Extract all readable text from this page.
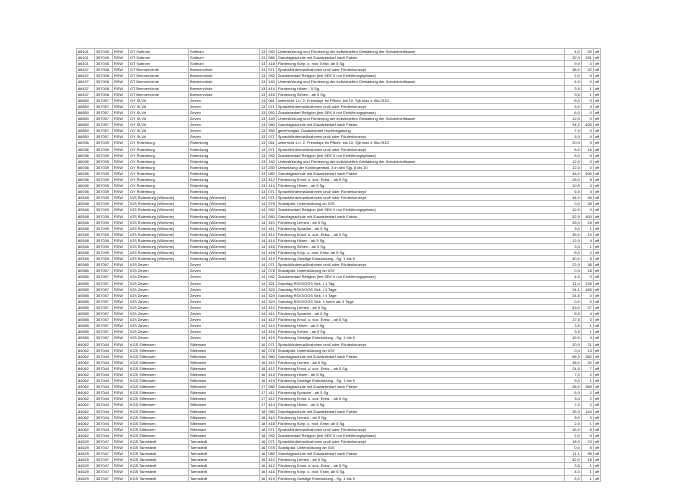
66101	357045	RSW	GT Sottrum	Sottrum	13	040	Unterstützung und Förderung der individuellen Gestaltung der Schuleintrittsauer	4,0	20	off
66101	357045	RSW	GT Sottrum	Sottrum	13	080	Ganztagsschule mit Zusatzbedarf nach Faktor	32,4	291	off
66101	357045	RSW	GT Sottrum	Sottrum	13	418	Förderung Körp. u. mot. Entw. ab 5 Sg.	9,0	0	off
66437	357008	RSW	GT Bremervörde	Bremervörde	13	071	Sprachfördermaßnahmen und/ oder Förderkonzept	36,0	32	off
66437	357008	RSW	GT Bremervörde	Bremervörde	13	092	Zusatzbedarf Religion (bei SEK II nur Einführungsphase)	2,0	0	off
66437	357008	RSW	GT Bremervörde	Bremervörde	13	140	Unterstützung und Förderung der individuellen Gestaltung der Schuleintrittsauer	4,0	0	off
66437	357008	RSW	GT Bremervörde	Bremervörde	13	414	Förderung Hören - 5 Sg.	3,5	1	off
66437	357008	RSW	GT Bremervörde	Bremervörde	13	416	Förderung Sehen - ab 5 Sg.	3,5	1	off
66850	357057	RSW	GY St.Vit	Zeven	13	061	unterricht 1.n. 2. Fremdspr im Pflicht. bis 10. Sjb max 4 Std./SJG	8,0	0	off
66850	357057	RSW	GY St.Vit	Zeven	13	071	Sprachfördermaßnahmen und/ oder Förderkonzept	5,0	4	off
66850	357057	RSW	GY St.Vit	Zeven	13	092	Zusatzbedarf Religion (bei SEK II nur Einführungsphase)	6,0	0	off
66850	357057	RSW	GY St.Vit	Zeven	13	140	Unterstützung und Förderung der individuellen Gestaltung der Schuleintrittsauer	12,0	0	off
66850	357057	RSW	GY St.Vit	Zeven	13	080	Ganztagsschule mit Zusatzbedarf nach Faktor	34,2	400	off
66850	357057	RSW	GY St.Vit	Zeven	13	950	genehmigter Zusatzbedarf Hochbegabung	7,0	0	off
66850	357057	RSW	GY St.Vit	Zeven	13	071	Sprachfördermaßnahmen und/ oder Förderkonzept	5,0	4	off
66936	357039	RSW	GY Rotenburg	Rotenburg	13	061	unterricht 1.n. 2. Fremdspr im Pflicht. bis 10. Sjb max 4 Std./SJG	20,0	0	off
66936	357039	RSW	GY Rotenburg	Rotenburg	13	071	Sprachfördermaßnahmen und/ oder Förderkonzept	6,0	16	off
66936	357039	RSW	GY Rotenburg	Rotenburg	13	092	Zusatzbedarf Religion (bei SEK II nur Einführungsphase)	8,0	0	off
66936	357039	RSW	GY Rotenburg	Rotenburg	13	140	Unterstützung und Förderung der individuellen Gestaltung der Schuleintrittsauer	12,0	0	off
66936	357039	RSW	GY Rotenburg	Rotenburg	13	250	Umsetzung der Kontingentstd. 3 in den Sjg. 8 bis 10	12,0	0	off
66936	357039	RSW	GY Rotenburg	Rotenburg	13	080	Ganztagsschule mit Zusatzbedarf nach Faktor	48,0	400	off
66936	357039	RSW	GY Rotenburg	Rotenburg	13	412	Förderung Emot. u. soz. Entw. - ab 5 Sg.	28,0	8	off
66936	357039	RSW	GY Rotenburg	Rotenburg	13	414	Förderung Hören - ab 5 Sg.	10,5	3	off
66936	357039	RSW	GY Rotenburg	Rotenburg	13	071	Sprachfördermaßnahmen und/ oder Förderkonzept	6,0	4	off
80548	357039	RSW	IGS Rotenburg (Wümme)	Rotenburg (Wümme)	14	071	Sprachfördermaßnahmen und/ oder Förderkonzept	44,0	46	off
80548	357039	RSW	IGS Rotenburg (Wümme)	Rotenburg (Wümme)	14	078	Sozialpäd. Unterstützung an IGS	0,0	36	off
80548	357039	RSW	IGS Rotenburg (Wümme)	Rotenburg (Wümme)	14	092	Zusatzbedarf Religion (bei SEK II nur Einführungsphase)	12,0	0	off
80548	357039	RSW	IGS Rotenburg (Wümme)	Rotenburg (Wümme)	14	080	Ganztagsschule mit Zusatzbedarf nach Faktor	52,9	400	off
80548	357039	RSW	IGS Rotenburg (Wümme)	Rotenburg (Wümme)	14	410	Förderung Lernen - ab 5 Sg.	33,0	24	off
80548	357039	RSW	IGS Rotenburg (Wümme)	Rotenburg (Wümme)	14	411	Förderung Sprache - ab 5 Sg.	3,0	1	off
80548	357039	RSW	IGS Rotenburg (Wümme)	Rotenburg (Wümme)	14	412	Förderung Emot. u. soz. Entw. - ab 5 Sg.	35,0	10	off
80548	357039	RSW	IGS Rotenburg (Wümme)	Rotenburg (Wümme)	14	414	Förderung Hören - ab 5 Sg.	12,0	4	off
80548	357039	RSW	IGS Rotenburg (Wümme)	Rotenburg (Wümme)	14	416	Förderung Sehen - ab 5 Sg.	3,0	1	off
80548	357039	RSW	IGS Rotenburg (Wümme)	Rotenburg (Wümme)	14	418	Förderung Körp. u. mot. Entw. ab 5 Sg.	8,0	2	off
80548	357039	RSW	IGS Rotenburg (Wümme)	Rotenburg (Wümme)	14	419	Förderung Geistige Entwicklung - Sg. 1 bis 9	40,0	8	off
80585	357057	RSW	IGS Zeven	Zeven	14	071	Sprachfördermaßnahmen und/ oder Förderkonzept	22,0	36	off
80585	357057	RSW	IGS Zeven	Zeven	14	078	Sozialpäd. Unterstützung an IGS	0,0	18	off
80585	357057	RSW	IGS Zeven	Zeven	14	092	Zusatzbedarf Religion (bei SEK II nur Einführungsphase)	4,0	0	off
80585	357057	RSW	IGS Zeven	Zeven	14	321	Ganztag RS/O/OGS Sek. I 1 Tag	11,4	135	off
80585	357057	RSW	IGS Zeven	Zeven	14	323	Ganztag RS/O/OGS Sek. I 3 Tage	24,1	465	off
80585	357057	RSW	IGS Zeven	Zeven	14	324	Ganztag RS/O/OGS Sek. I 4 Tage	24,5	0	off
80585	357057	RSW	IGS Zeven	Zeven	14	324	Ganztag RS/O/OGS Sek. 1 mehr als 3 Tage	0,0	0	off
80585	357057	RSW	IGS Zeven	Zeven	14	410	Förderung Lernen - ab 5 Sg.	43,0	27	off
80585	357057	RSW	IGS Zeven	Zeven	14	411	Förderung Sprache - ab 5 Sg.	8,0	4	off
80585	357057	RSW	IGS Zeven	Zeven	14	412	Förderung Emot. u. soz. Entw. - ab 5 Sg.	17,5	5	off
80585	357057	RSW	IGS Zeven	Zeven	14	414	Förderung Hören - ab 5 Sg.	3,5	1	off
80585	357057	RSW	IGS Zeven	Zeven	14	416	Förderung Sehen - ab 5 Sg.	3,5	1	off
80585	357057	RSW	IGS Zeven	Zeven	14	419	Förderung Geistige Entwicklung - Sg. 1 bis 9	15,0	3	off
84062	357044	RSW	KGS Sittensen	Sittensen	16	071	Sprachfördermaßnahmen und/ oder Förderkonzept	20,0	21	off
84062	357044	RSW	KGS Sittensen	Sittensen	16	078	Sozialpäd. Unterstützung an IGS	0,0	13	off
84062	357044	RSW	KGS Sittensen	Sittensen	16	080	Ganztagsschule mit Zusatzbedarf nach Faktor	56,3	382	off
84062	357044	RSW	KGS Sittensen	Sittensen	16	410	Förderung Lernen - ab 5 Sg.	38,0	32	off
84062	357044	RSW	KGS Sittensen	Sittensen	16	412	Förderung Emot. u. soz. Entw. - ab 5 Sg.	24,5	7	off
84062	357044	RSW	KGS Sittensen	Sittensen	16	414	Förderung Hören - ab 5 Sg.	7,0	2	off
84062	357044	RSW	KGS Sittensen	Sittensen	16	419	Förderung Geistige Entwicklung - Sg. 1 bis 9	5,0	1	off
84062	357044	RSW	KGS Sittensen	Sittensen	17	080	Ganztagsschule mit Zusatzbedarf nach Faktor	35,0	389	off
84062	357044	RSW	KGS Sittensen	Sittensen	17	411	Förderung Sprache - ab 5 Sg.	6,0	2	off
84062	357044	RSW	KGS Sittensen	Sittensen	17	412	Förderung Emot. u. soz. Entw. - ab 5 Sg.	3,0	2	off
84062	357044	RSW	KGS Sittensen	Sittensen	17	414	Förderung Hören - ab 5 Sg.	7,0	2	off
84062	357044	RSW	KGS Sittensen	Sittensen	18	080	Ganztagsschule mit Zusatzbedarf nach Faktor	35,3	144	off
84062	357044	RSW	KGS Sittensen	Sittensen	18	410	Förderung Lernen - ab 5 Sg.	5,0	3	off
84062	357044	RSW	KGS Sittensen	Sittensen	18	418	Förderung Körp. u. mot. Entw. ab 5 Sg.	2,0	1	off
84062	357044	RSW	KGS Sittensen	Sittensen	18	071	Sprachfördermaßnahmen und/ oder Förderkonzept	16,0	8	off
84062	357044	RSW	KGS Sittensen	Sittensen	18	092	Zusatzbedarf Religion (bei SEK II nur Einführungsphase)	2,0	0	off
84529	357047	RSW	KGS Tarmstedt	Tarmstedt	16	071	Sprachfördermaßnahmen und/ oder Förderkonzept	18,0	23	off
84529	357047	RSW	KGS Tarmstedt	Tarmstedt	16	078	Sozialpäd. Unterstützung an IGS	0,0	8	off
84529	357047	RSW	KGS Tarmstedt	Tarmstedt	16	080	Ganztagsschule mit Zusatzbedarf nach Faktor	11,1	95	off
84529	357047	RSW	KGS Tarmstedt	Tarmstedt	16	410	Förderung Lernen - ab 5 Sg.	42,0	18	off
84529	357047	RSW	KGS Tarmstedt	Tarmstedt	16	412	Förderung Emot. u. soz. Entw. - ab 5 Sg.	3,5	1	off
84529	357047	RSW	KGS Tarmstedt	Tarmstedt	16	418	Förderung Körp. u. mot. Entw. ab 5 Sg.	4,0	1	off
84529	357047	RSW	KGS Tarmstedt	Tarmstedt	16	419	Förderung Geistige Entwicklung - Sg. 1 bis 9	5,0	1	off
